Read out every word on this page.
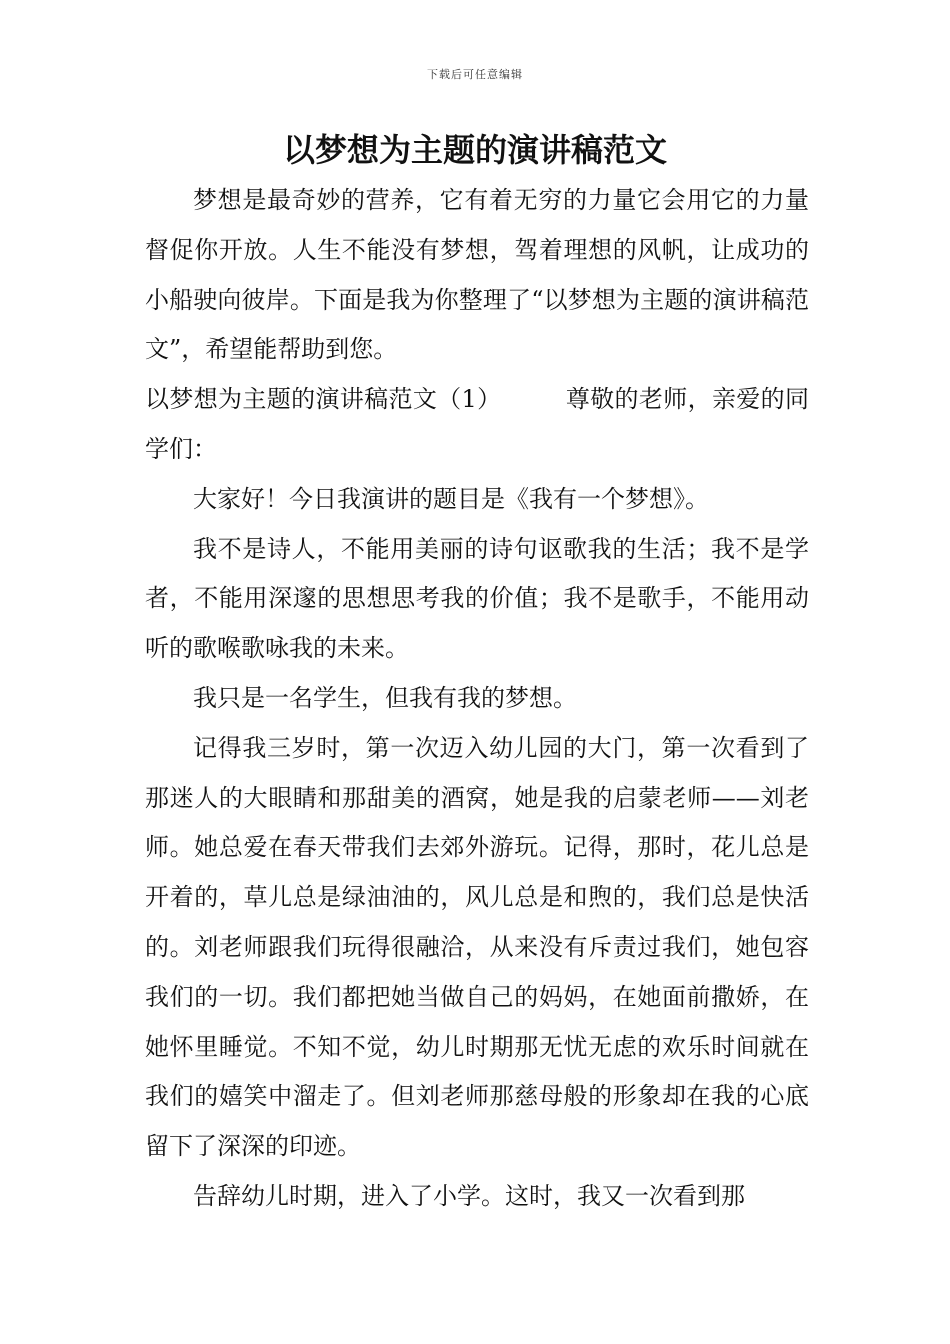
下载后可任意编辑
以梦想为主题的演讲稿范文

梦想是最奇妙的营养，它有着无穷的力量它会用它的力量督促你开放。人生不能没有梦想，驾着理想的风帆，让成功的小船驶向彼岸。下面是我为你整理了“以梦想为主题的演讲稿范文”，希望能帮助到您。

以梦想为主题的演讲稿范文（1）	尊敬的老师，亲爱的同学们：

大家好！今日我演讲的题目是《我有一个梦想》。

我不是诗人，不能用美丽的诗句讴歌我的生活；我不是学者，不能用深邃的思想思考我的价值；我不是歌手，不能用动听的歌喉歌咏我的未来。

我只是一名学生，但我有我的梦想。

记得我三岁时，第一次迈入幼儿园的大门，第一次看到了那迷人的大眼睛和那甜美的酒窝，她是我的启蒙老师——刘老师。她总爱在春天带我们去郊外游玩。记得，那时，花儿总是开着的，草儿总是绿油油的，风儿总是和煦的，我们总是快活的。刘老师跟我们玩得很融洽，从来没有斥责过我们，她包容我们的一切。我们都把她当做自己的妈妈，在她面前撒娇，在她怀里睡觉。不知不觉，幼儿时期那无忧无虑的欢乐时间就在我们的嬉笑中溜走了。但刘老师那慈母般的形象却在我的心底留下了深深的印迹。

告辞幼儿时期，进入了小学。这时，我又一次看到那
